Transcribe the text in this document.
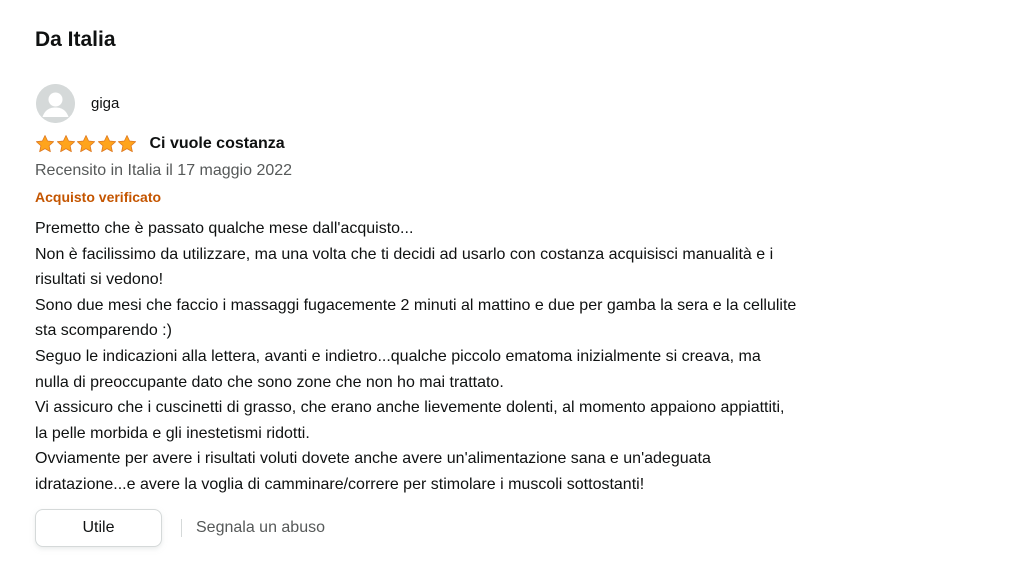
Da Italia
giga
Ci vuole costanza
Recensito in Italia il 17 maggio 2022
Acquisto verificato
Premetto che è passato qualche mese dall'acquisto...
Non è facilissimo da utilizzare, ma una volta che ti decidi ad usarlo con costanza acquisisci manualità e i
risultati si vedono!
Sono due mesi che faccio i massaggi fugacemente 2 minuti al mattino e due per gamba la sera e la cellulite
sta scomparendo :)
Seguo le indicazioni alla lettera, avanti e indietro...qualche piccolo ematoma inizialmente si creava, ma
nulla di preoccupante dato che sono zone che non ho mai trattato.
Vi assicuro che i cuscinetti di grasso, che erano anche lievemente dolenti, al momento appaiono appiattiti,
la pelle morbida e gli inestetismi ridotti.
Ovviamente per avere i risultati voluti dovete anche avere un'alimentazione sana e un'adeguata
idratazione...e avere la voglia di camminare/correre per stimolare i muscoli sottostanti!
Utile	Segnala un abuso
